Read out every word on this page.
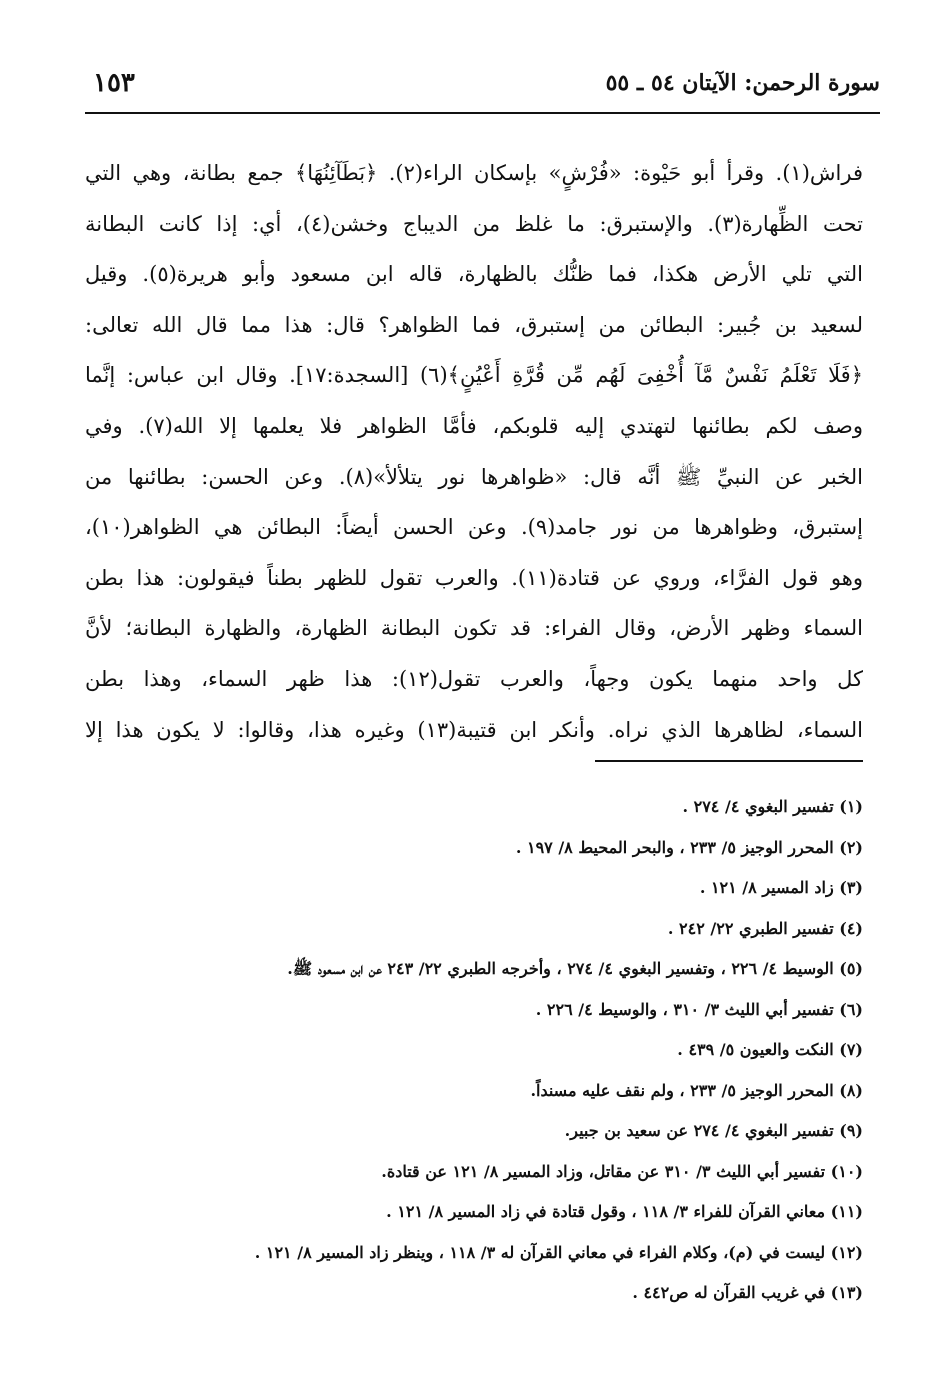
سورة الرحمن: الآيتان ٥٤ ـ ٥٥
١٥٣
فراش(١). وقرأ أبو حَيْوة: «فُرْشٍ» بإسكان الراء(٢). ﴿بَطَآئِنُهَا﴾ جمع بطانة، وهي التي
تحت الظِّهارة(٣). والإستبرق: ما غلظ من الديباج وخشن(٤)، أي: إذا كانت البطانة
التي تلي الأرض هكذا، فما ظنُّك بالظهارة، قاله ابن مسعود وأبو هريرة(٥). وقيل
لسعيد بن جُبير: البطائن من إستبرق، فما الظواهر؟ قال: هذا مما قال الله تعالى:
﴿فَلَا تَعْلَمُ نَفْسٌ مَّآ أُخْفِىَ لَهُم مِّن قُرَّةِ أَعْيُنٍ﴾(٦) [السجدة:١٧]. وقال ابن عباس: إنَّما
وصف لكم بطائنها لتهتدي إليه قلوبكم، فأمَّا الظواهر فلا يعلمها إلا الله(٧). وفي
الخبر عن النبيِّ ﷺ أنَّه قال: «ظواهرها نور يتلألأ»(٨). وعن الحسن: بطائنها من
إستبرق، وظواهرها من نور جامد(٩). وعن الحسن أيضاً: البطائن هي الظواهر(١٠)،
وهو قول الفرَّاء، وروي عن قتادة(١١). والعرب تقول للظهر بطناً فيقولون: هذا بطن
السماء وظهر الأرض، وقال الفراء: قد تكون البطانة الظهارة، والظهارة البطانة؛ لأنَّ
كل واحد منهما يكون وجهاً، والعرب تقول(١٢): هذا ظهر السماء، وهذا بطن
السماء، لظاهرها الذي نراه. وأنكر ابن قتيبة(١٣) وغيره هذا، وقالوا: لا يكون هذا إلا
(١) تفسير البغوي ٤/ ٢٧٤ .
(٢) المحرر الوجيز ٥/ ٢٣٣ ، والبحر المحيط ٨/ ١٩٧ .
(٣) زاد المسير ٨/ ١٢١ .
(٤) تفسير الطبري ٢٢/ ٢٤٢ .
(٥) الوسيط ٤/ ٢٢٦ ، وتفسير البغوي ٤/ ٢٧٤ ، وأخرجه الطبري ٢٢/ ٢٤٣ عن ابن مسعود ﷺ.
(٦) تفسير أبي الليث ٣/ ٣١٠ ، والوسيط ٤/ ٢٢٦ .
(٧) النكت والعيون ٥/ ٤٣٩ .
(٨) المحرر الوجيز ٥/ ٢٣٣ ، ولم نقف عليه مسنداً.
(٩) تفسير البغوي ٤/ ٢٧٤ عن سعيد بن جبير.
(١٠) تفسير أبي الليث ٣/ ٣١٠ عن مقاتل، وزاد المسير ٨/ ١٢١ عن قتادة.
(١١) معاني القرآن للفراء ٣/ ١١٨ ، وقول قتادة في زاد المسير ٨/ ١٢١ .
(١٢) ليست في (م)، وكلام الفراء في معاني القرآن له ٣/ ١١٨ ، وينظر زاد المسير ٨/ ١٢١ .
(١٣) في غريب القرآن له ص٤٤٢ .
